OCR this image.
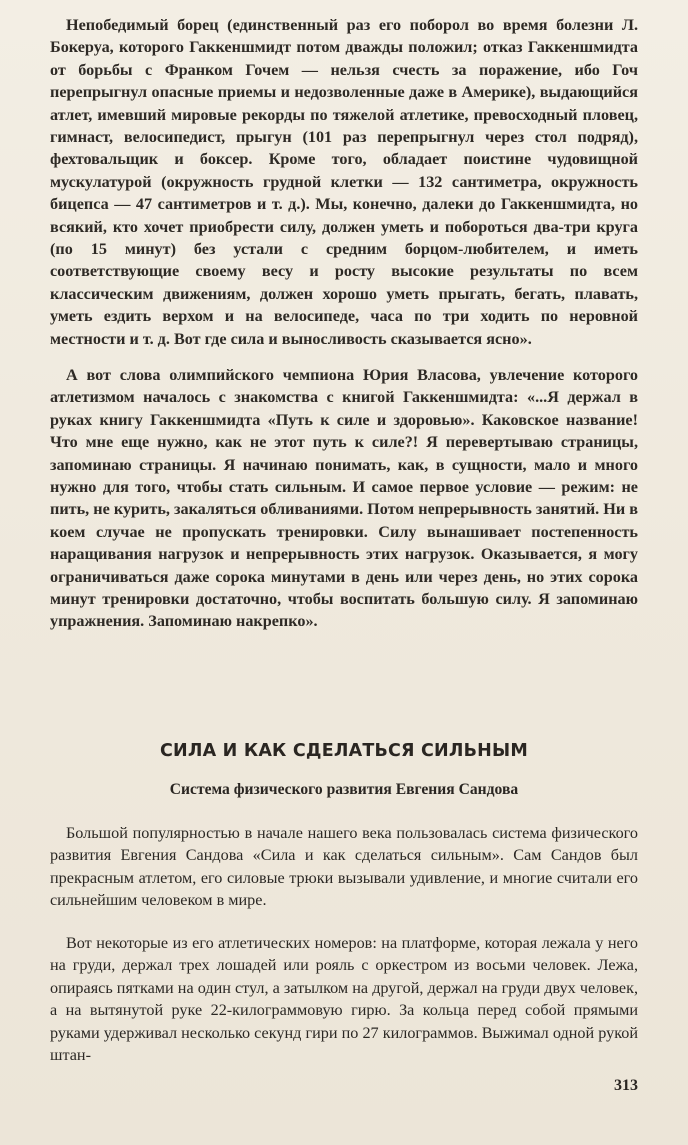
Непобедимый борец (единственный раз его поборол во время болезни Л. Бокеруа, которого Гаккеншмидт потом дважды положил; отказ Гаккеншмидта от борьбы с Франком Гочем — нельзя счесть за поражение, ибо Гоч перепрыгнул опасные приемы и недозволенные даже в Америке), выдающийся атлет, имевший мировые рекорды по тяжелой атлетике, превосходный пловец, гимнаст, велосипедист, прыгун (101 раз перепрыгнул через стол подряд), фехтовальщик и боксер. Кроме того, обладает поистине чудовищной мускулатурой (окружность грудной клетки — 132 сантиметра, окружность бицепса — 47 сантиметров и т. д.). Мы, конечно, далеки до Гаккеншмидта, но всякий, кто хочет приобрести силу, должен уметь и побороться два-три круга (по 15 минут) без устали с средним борцом-любителем, и иметь соответствующие своему весу и росту высокие результаты по всем классическим движениям, должен хорошо уметь прыгать, бегать, плавать, уметь ездить верхом и на велосипеде, часа по три ходить по неровной местности и т. д. Вот где сила и выносливость сказывается ясно».

А вот слова олимпийского чемпиона Юрия Власова, увлечение которого атлетизмом началось с знакомства с книгой Гаккеншмидта: «...Я держал в руках книгу Гаккеншмидта «Путь к силе и здоровью». Каковское название! Что мне еще нужно, как не этот путь к силе?! Я перевертываю страницы, запоминаю страницы. Я начинаю понимать, как, в сущности, мало и много нужно для того, чтобы стать сильным. И самое первое условие — режим: не пить, не курить, закаляться обливаниями. Потом непрерывность занятий. Ни в коем случае не пропускать тренировки. Силу вынашивает постепенность наращивания нагрузок и непрерывность этих нагрузок. Оказывается, я могу ограничиваться даже сорока минутами в день или через день, но этих сорока минут тренировки достаточно, чтобы воспитать большую силу. Я запоминаю упражнения. Запоминаю накрепко».

СИЛА И КАК СДЕЛАТЬСЯ СИЛЬНЫМ
Система физического развития Евгения Сандова

Большой популярностью в начале нашего века пользовалась система физического развития Евгения Сандова «Сила и как сделаться сильным». Сам Сандов был прекрасным атлетом, его силовые трюки вызывали удивление, и многие считали его сильнейшим человеком в мире.

Вот некоторые из его атлетических номеров: на платформе, которая лежала у него на груди, держал трех лошадей или рояль с оркестром из восьми человек. Лежа, опираясь пятками на один стул, а затылком на другой, держал на груди двух человек, а на вытянутой руке 22-килограммовую гирю. За кольца перед собой прямыми руками удерживал несколько секунд гири по 27 килограммов. Выжимал одной рукой штан-

313
